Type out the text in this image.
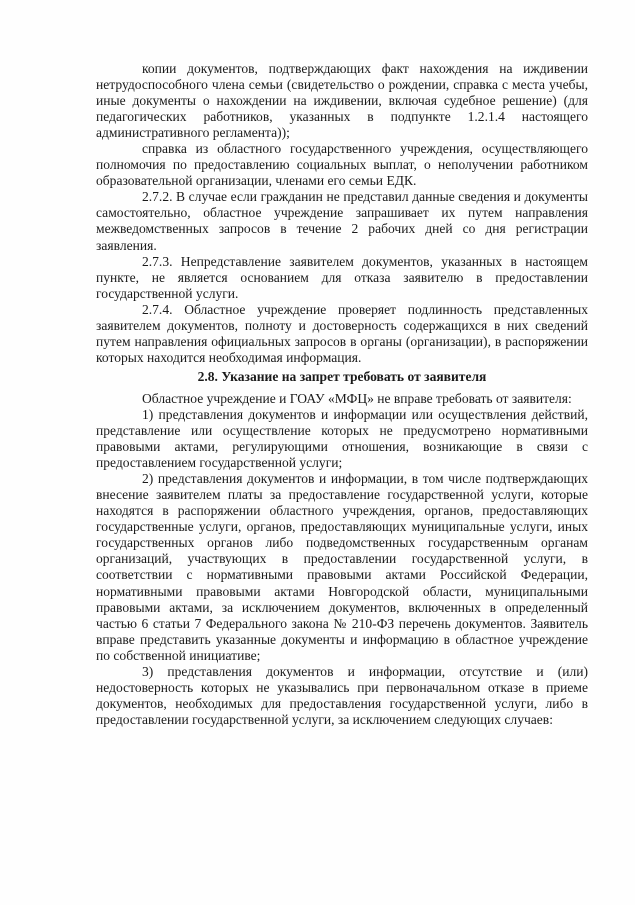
копии документов, подтверждающих факт нахождения на иждивении нетрудоспособного члена семьи (свидетельство о рождении, справка с места учебы, иные документы о нахождении на иждивении, включая судебное решение) (для педагогических работников, указанных в подпункте 1.2.1.4 настоящего административного регламента));

справка из областного государственного учреждения, осуществляющего полномочия по предоставлению социальных выплат, о неполучении работником образовательной организации, членами его семьи ЕДК.

2.7.2. В случае если гражданин не представил данные сведения и документы самостоятельно, областное учреждение запрашивает их путем направления межведомственных запросов в течение 2 рабочих дней со дня регистрации заявления.

2.7.3. Непредставление заявителем документов, указанных в настоящем пункте, не является основанием для отказа заявителю в предоставлении государственной услуги.

2.7.4. Областное учреждение проверяет подлинность представленных заявителем документов, полноту и достоверность содержащихся в них сведений путем направления официальных запросов в органы (организации), в распоряжении которых находится необходимая информация.

2.8. Указание на запрет требовать от заявителя

Областное учреждение и ГОАУ «МФЦ» не вправе требовать от заявителя:

1) представления документов и информации или осуществления действий, представление или осуществление которых не предусмотрено нормативными правовыми актами, регулирующими отношения, возникающие в связи с предоставлением государственной услуги;

2) представления документов и информации, в том числе подтверждающих внесение заявителем платы за предоставление государственной услуги, которые находятся в распоряжении областного учреждения, органов, предоставляющих государственные услуги, органов, предоставляющих муниципальные услуги, иных государственных органов либо подведомственных государственным органам организаций, участвующих в предоставлении государственной услуги, в соответствии с нормативными правовыми актами Российской Федерации, нормативными правовыми актами Новгородской области, муниципальными правовыми актами, за исключением документов, включенных в определенный частью 6 статьи 7 Федерального закона № 210-ФЗ перечень документов. Заявитель вправе представить указанные документы и информацию в областное учреждение по собственной инициативе;

3) представления документов и информации, отсутствие и (или) недостоверность которых не указывались при первоначальном отказе в приеме документов, необходимых для предоставления государственной услуги, либо в предоставлении государственной услуги, за исключением следующих случаев:
